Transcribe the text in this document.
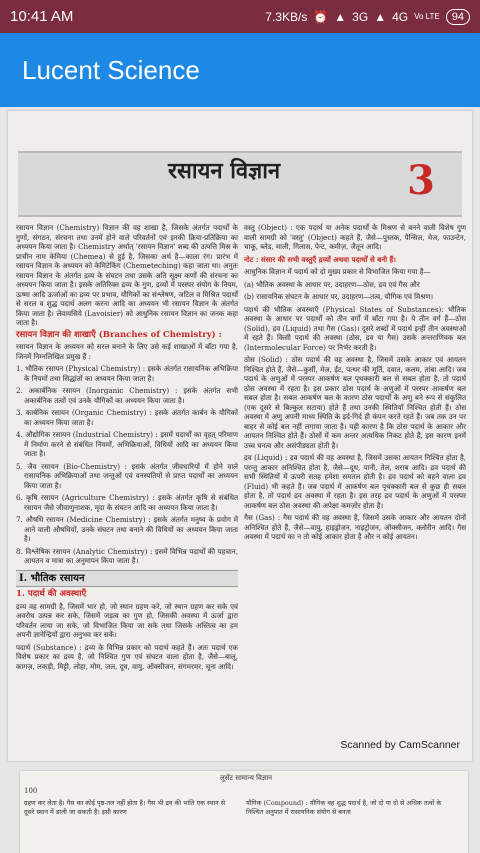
10:41 AM	7.3KB/s ⏰ ▲ 3G ▲ 4G Vo LTE	94
Lucent Science
रसायन विज्ञान	3

रसायन विज्ञान (Chemistry) विज्ञान की वह शाखा है, जिसके अंतर्गत पदार्थों के गुणों, संगठन, संरचना तथा उनमें होने वाले परिवर्तनों एवं इनकी क्रिया-प्रतिक्रिया का अध्ययन किया जाता है। Chemistry अर्थात् 'रसायन विज्ञान' शब्द की उत्पत्ति मिस्र के प्राचीन नाम केमिया (Chemea) से हुई है, जिसका अर्थ है—काला रंग। प्रारंभ में रसायन विज्ञान के अध्ययन को केमिटेकिंग (Chemeteching) कहा जाता था। अनुतः रसायन विज्ञान के अंतर्गत द्रव्य के संघटन तथा उसके अति सूक्ष्म कणों की संरचना का अध्ययन किया जाता है। इसके अतिरिक्त द्रव्य के गुण, द्रव्यों में परस्पर संयोग के नियम, ऊष्मा आदि ऊर्जाओं का द्रव्य पर प्रभाव, यौगिकों का संश्लेषण, जटिल व मिश्रित पदार्थों से सरल व शुद्ध पदार्थ अलग करना आदि का अध्ययन भी रसायन विज्ञान के अंतर्गत किया जाता है। लेवायसिये (Lavoisier) को आधुनिक रसायन विज्ञान का जनक कहा जाता है।

रसायन विज्ञान की शाखाएँ (Branches of Chemistry) :

रसायन विज्ञान के अध्ययन को सरल बनाने के लिए उसे कई शाखाओं में बाँटा गया है, जिनमें निम्नलिखित प्रमुख हैं :

1. भौतिक रसायन (Physical Chemistry) : इसके अंतर्गत रासायनिक अभिक्रिया के नियमों तथा सिद्धांतों का अध्ययन किया जाता है।

2. अकार्बनिक रसायन (Inorganic Chemistry) : इसके अंतर्गत सभी अकार्बनिक तत्वों एवं उनके यौगिकों का अध्ययन किया जाता है।

3. कार्बनिक रसायन (Organic Chemistry) : इसके अंतर्गत कार्बन के यौगिकों का अध्ययन किया जाता है।

4. औद्योगिक रसायन (Industrial Chemistry) : इसमें पदार्थों का वृहत् परिमाण में निर्माण करने से संबंधित नियमों, अभिक्रियाओं, विधियों आदि का अध्ययन किया जाता है।

5. जैव रसायन (Bio-Chemistry) : इसके अंतर्गत जीवधारियों में होने वाले रासायनिक अभिक्रियाओं तथा जन्तुओं एवं वनस्पतियों से प्राप्त पदार्थों का अध्ययन किया जाता है।

6. कृषि रसायन (Agriculture Chemistry) : इसके अंतर्गत कृषि से संबंधित रसायन जैसे जीवाणुनाशक, मृदा के संघटन आदि का अध्ययन किया जाता है।

7. औषधि रसायन (Medicine Chemistry) : इसके अंतर्गत मनुष्य के प्रयोग में आने वाली औषधियों, उनके संघटन तथा बनाने की विधियों का अध्ययन किया जाता है।

8. विश्लेषिक रसायन (Analytic Chemistry) : इसमें विभिन्न पदार्थों की पहचान, आयतन व मात्रा का अनुमापन किया जाता है।

I. भौतिक रसायन
1. पदार्थ की अवस्थाएँ

द्रव्य वह सामग्री है, जिसमें भार हो, जो स्थान ग्रहण करे, जो स्थान ग्रहण कर सके एवं अवरोध उत्पन्न कर सके, जिसमें जड़त्व का गुण हो, जिसकी अवस्था में ऊर्जा द्वारा परिवर्तन लाया जा सके, जो विभाजित किया जा सके तथा जिसके अस्तित्व का हम अपनी ज्ञानेन्द्रियों द्वारा अनुभव कर सकें।

पदार्थ (Substance) : द्रव्य के विभिन्न प्रकार को पदार्थ कहते हैं। अतः पदार्थ एक विशेष प्रकार का द्रव्य है, जो निश्चित गुण एवं संघटन वाला होता है, जैसे—बालू, कागज़, लकड़ी, मिट्टी, लोहा, मोम, जल, दूध, वायु, ऑक्सीजन, संगमरमर, चूना आदि।

वस्तु (Object) : एक पदार्थ या अनेक पदार्थों के मिश्रण से बनने वाली विशेष गुण वाली सामग्री को 'वस्तु' (Object) कहते हैं, जैसे—पुस्तक, पैन्सिल, मेज, फाउन्टेन, चाकू, ब्लेड, माली, गिलास, पेन्ट, कमीज़, जैतून आदि।

नोट : संसार की सभी वस्तुएँ द्रव्यों अथवा पदार्थों से बनी हैं।

आधुनिक विज्ञान में पदार्थ को दो मुख्य प्रकार से विभाजित किया गया है—

(a) भौतिक अवस्था के आधार पर, उदाहरण—ठोस, द्रव एवं गैस और

(b) रासायनिक संघटन के आधार पर, उदाहरण—तत्व, यौगिक एवं मिश्रण।

पदार्थ की भौतिक अवस्थाएँ (Physical States of Substances): भौतिक अवस्था के आधार पर पदार्थों को तीन वर्गों में बाँटा गया है। ये तीन वर्ग हैं—ठोस (Solid), द्रव (Liquid) तथा गैस (Gas)। दूसरे शब्दों में पदार्थ इन्हीं तीन अवस्थाओं में रहते हैं। किसी पदार्थ की अवस्था (ठोस, द्रव या गैस) उसके अन्तराणिवक बल (Intermolecular Force) पर निर्भर करती है।

ठोस (Solid) : ठोस पदार्थ की वह अवस्था है, जिसमें उसके आकार एवं आयतन निश्चित होते हैं, जैसे—कुर्सी, मेज, ईंट, पत्थर की मूर्ति, दवात, कलम, तांबा आदि। जब पदार्थ के अणुओं में परस्पर आकर्षण बल पृथक्कारी बल से सबल होता है, तो पदार्थ ठोस अवस्था में रहता है। इस प्रकार ठोस पदार्थ के अणुओं में परस्पर आकर्षण बल सबल होता है। सबल आकर्षण बल के कारण ठोस पदार्थों के अणु बने रूप से संकुलित (एक दूसरे से बिल्कुल सटाया) होते हैं तथा उनकी स्थितियाँ निश्चित होती हैं। ठोस अवस्था में अणु अपनी माध्य स्थिति के इर्द-गिर्द ही कंपन करते रहते हैं। जब तक उन पर बाहर से कोई बल नहीं लगाया जाता है। यही कारण है कि ठोस पदार्थ के आकार और आयतन निश्चित होते हैं। ठोसों में कम अन्तर अत्यधिक निकट होते हैं, इस कारण इनमें उच्च घनत्व और असंपीड्यता होती है।

द्रव (Liquid) : द्रव पदार्थ की वह अवस्था है, जिसमें उसका आयतन निश्चित होता है, परन्तु आकार अनिश्चित होता है, जैसे—दूध, पानी, तेल, शराब आदि। द्रव पदार्थ की सभी स्थितियों में ऊपरी सतह हमेशा समतल होती है। द्रव पदार्थ को बहने वाला द्रव (Fluid) भी कहते हैं। जब पदार्थ में आकर्षण बल पृथक्कारी बल से कुछ ही सबल होता है, तो पदार्थ द्रव अवस्था में रहता है। इस तरह द्रव पदार्थ के अणुओं में परस्पर आकर्षण बल ठोस अवस्था की अपेक्षा कमज़ोर होता है।

गैस (Gas) : गैस पदार्थ की वह अवस्था है, जिसमें उसके आकार और आयतन दोनों अनिश्चित होते हैं, जैसे—वायु, हाइड्रोजन, नाइट्रोजन, ऑक्सीजन, क्लोरीन आदि। गैस अवस्था में पदार्थ का न तो कोई आकार होता है और न कोई आयतन।

Scanned by CamScanner
100
लूसेंट सामान्य विज्ञान
ग्रहण कर लेता है। गैस का कोई पृष्ठ-तल नहीं होता है। गैस भी द्रव की भांति एक स्थान से दूसरे स्थान में डाली जा सकती है। इसी कारण
यौगिक (Compound) : यौगिक वह शुद्ध पदार्थ है, जो दो या दो से अधिक तत्वों के निश्चित अनुपात में रासायनिक संयोग से बनता
